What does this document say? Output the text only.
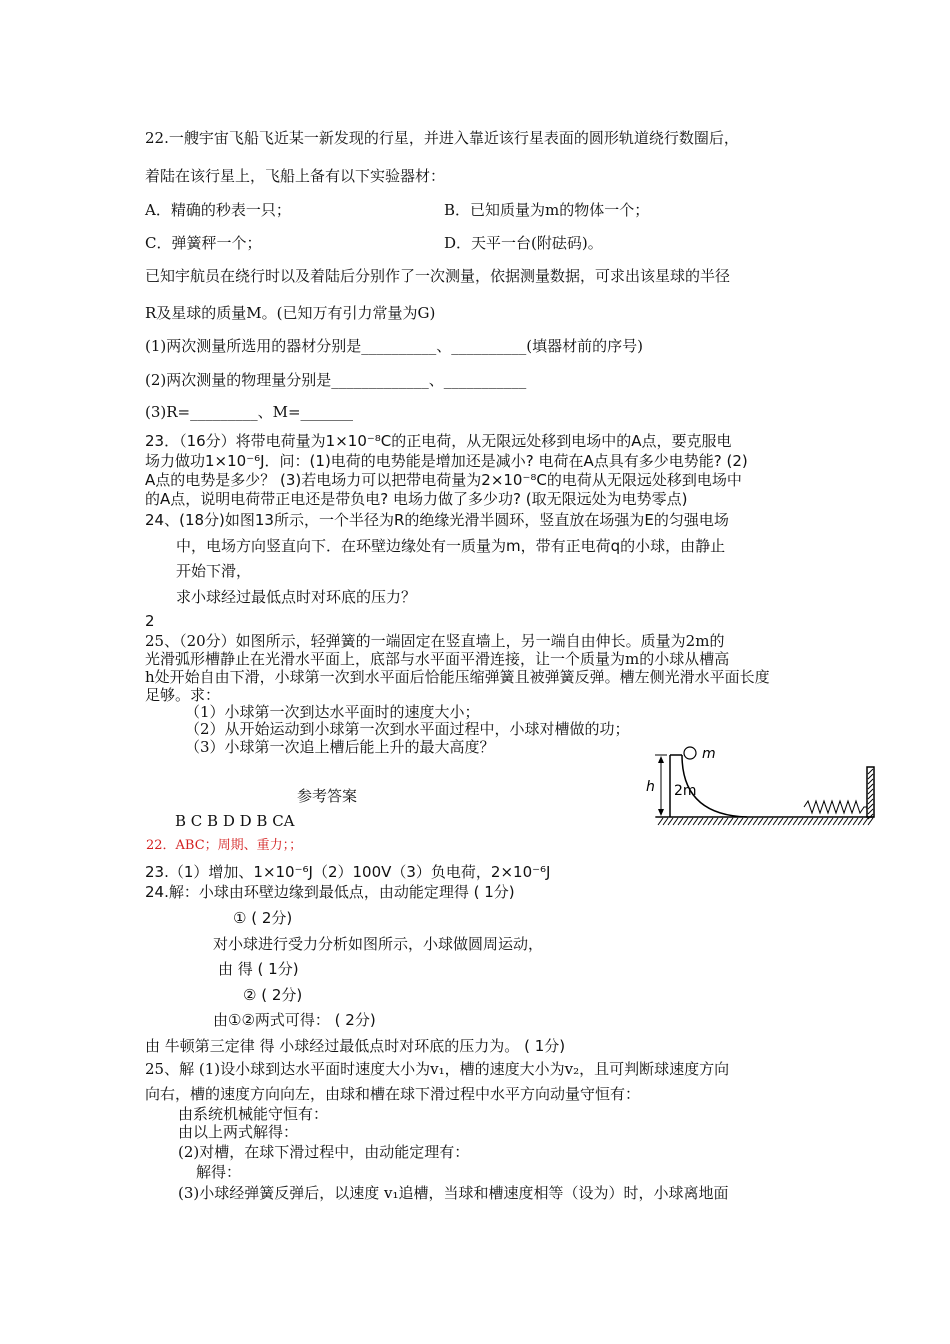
22.一艘宇宙飞船飞近某一新发现的行星，并进入靠近该行星表面的圆形轨道绕行数圈后，
着陆在该行星上，飞船上备有以下实验器材：
A．精确的秒表一只；	B．已知质量为m的物体一个；
C．弹簧秤一个；	D．天平一台(附砝码)。
已知宇航员在绕行时以及着陆后分别作了一次测量，依据测量数据，可求出该星球的半径
R及星球的质量M。(已知万有引力常量为G)
(1)两次测量所选用的器材分别是__________、__________(填器材前的序号)
(2)两次测量的物理量分别是_____________、___________
(3)R=_________、M=_______
23．（16分）将带电荷量为1×10⁻⁸C的正电荷，从无限远处移到电场中的A点，要克服电
场力做功1×10⁻⁶J．问：(1)电荷的电势能是增加还是减小? 电荷在A点具有多少电势能? (2)
A点的电势是多少？ (3)若电场力可以把带电荷量为2×10⁻⁸C的电荷从无限远处移到电场中
的A点，说明电荷带正电还是带负电? 电场力做了多少功? (取无限远处为电势零点)
24、(18分)如图13所示，一个半径为R的绝缘光滑半圆环，竖直放在场强为E的匀强电场
中，电场方向竖直向下．在环壁边缘处有一质量为m，带有正电荷q的小球，由静止
开始下滑，
求小球经过最低点时对环底的压力？
2
25、（20分）如图所示，轻弹簧的一端固定在竖直墙上，另一端自由伸长。质量为2m的
光滑弧形槽静止在光滑水平面上，底部与水平面平滑连接，让一个质量为m的小球从槽高
h处开始自由下滑，小球第一次到水平面后恰能压缩弹簧且被弹簧反弹。槽左侧光滑水平面长度
足够。求：
（1）小球第一次到达水平面时的速度大小；
（2）从开始运动到小球第一次到水平面过程中，小球对槽做的功；
（3）小球第一次追上槽后能上升的最大高度？
h 2m
m
参考答案
B C B D D B CA
22．ABC；周期、重力；；
23.（1）增加、1×10⁻⁶J（2）100V（3）负电荷，2×10⁻⁶J
24.解：小球由环壁边缘到最低点，由动能定理得 ( 1分)
① ( 2分)
对小球进行受力分析如图所示，小球做圆周运动，
由 得 ( 1分)
② ( 2分)
由①②两式可得： ( 2分)
由 牛顿第三定律 得 小球经过最低点时对环底的压力为。 ( 1分)
25、解 (1)设小球到达水平面时速度大小为v₁，槽的速度大小为v₂，且可判断球速度方向
向右，槽的速度方向向左，由球和槽在球下滑过程中水平方向动量守恒有：
由系统机械能守恒有：
由以上两式解得：
(2)对槽，在球下滑过程中，由动能定理有：
解得：
(3)小球经弹簧反弹后，以速度 v₁追槽，当球和槽速度相等（设为）时，小球离地面
